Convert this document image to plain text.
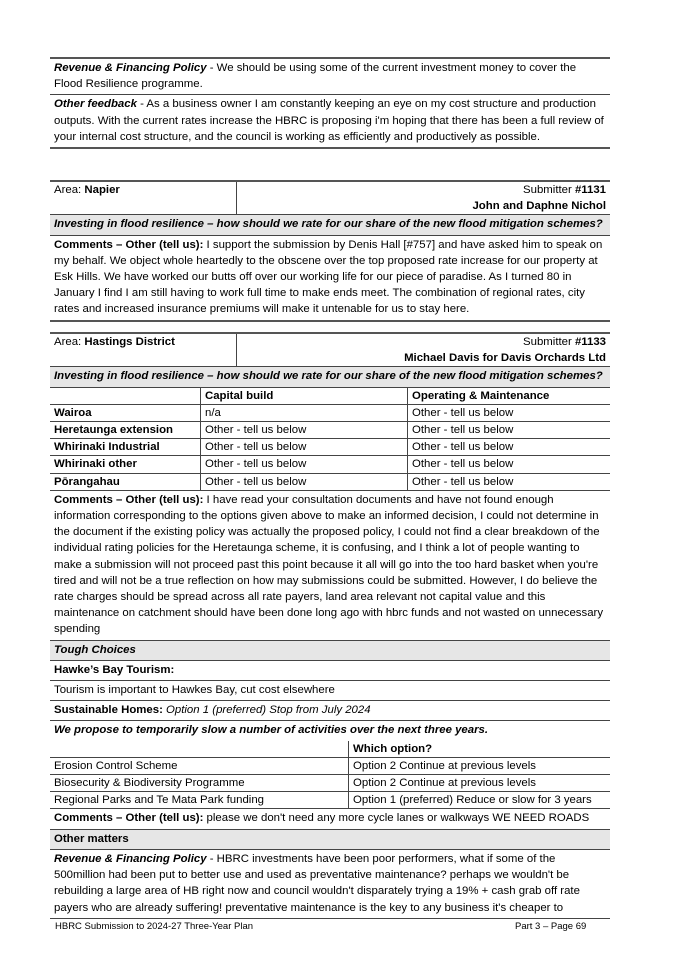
Revenue & Financing Policy - We should be using some of the current investment money to cover the Flood Resilience programme.
Other feedback - As a business owner I am constantly keeping an eye on my cost structure and production outputs. With the current rates increase the HBRC is proposing i'm hoping that there has been a full review of your internal cost structure, and the council is working as efficiently and productively as possible.
Area: Napier	Submitter #1131
John and Daphne Nichol
Investing in flood resilience – how should we rate for our share of the new flood mitigation schemes?
Comments – Other (tell us): I support the submission by Denis Hall [#757] and have asked him to speak on my behalf. We object whole heartedly to the obscene over the top proposed rate increase for our property at Esk Hills. We have worked our butts off over our working life for our piece of paradise. As I turned 80 in January I find I am still having to work full time to make ends meet. The combination of regional rates, city rates and increased insurance premiums will make it untenable for us to stay here.
Area: Hastings District	Submitter #1133
Michael Davis for Davis Orchards Ltd
Investing in flood resilience – how should we rate for our share of the new flood mitigation schemes?
	Capital build	Operating & Maintenance
Wairoa	n/a	Other - tell us below
Heretaunga extension	Other - tell us below	Other - tell us below
Whirinaki Industrial	Other - tell us below	Other - tell us below
Whirinaki other	Other - tell us below	Other - tell us below
Pōrangahau	Other - tell us below	Other - tell us below
Comments – Other (tell us): I have read your consultation documents and have not found enough information corresponding to the options given above to make an informed decision, I could not determine in the document if the existing policy was actually the proposed policy, I could not find a clear breakdown of the individual rating policies for the Heretaunga scheme, it is confusing, and I think a lot of people wanting to make a submission will not proceed past this point because it all will go into the too hard basket when you're tired and will not be a true reflection on how may submissions could be submitted. However, I do believe the rate charges should be spread across all rate payers, land area relevant not capital value and this maintenance on catchment should have been done long ago with hbrc funds and not wasted on unnecessary spending
Tough Choices
Hawke’s Bay Tourism:
Tourism is important to Hawkes Bay, cut cost elsewhere
Sustainable Homes: Option 1 (preferred) Stop from July 2024
We propose to temporarily slow a number of activities over the next three years.
	Which option?
Erosion Control Scheme	Option 2 Continue at previous levels
Biosecurity & Biodiversity Programme	Option 2 Continue at previous levels
Regional Parks and Te Mata Park funding	Option 1 (preferred) Reduce or slow for 3 years
Comments – Other (tell us): please we don't need any more cycle lanes or walkways WE NEED ROADS
Other matters
Revenue & Financing Policy - HBRC investments have been poor performers, what if some of the 500million had been put to better use and used as preventative maintenance? perhaps we wouldn't be rebuilding a large area of HB right now and council wouldn't disparately trying a 19% + cash grab off rate payers who are already suffering! preventative maintenance is the key to any business it's cheaper to
HBRC Submission to 2024-27 Three-Year Plan	Part 3 – Page 69
